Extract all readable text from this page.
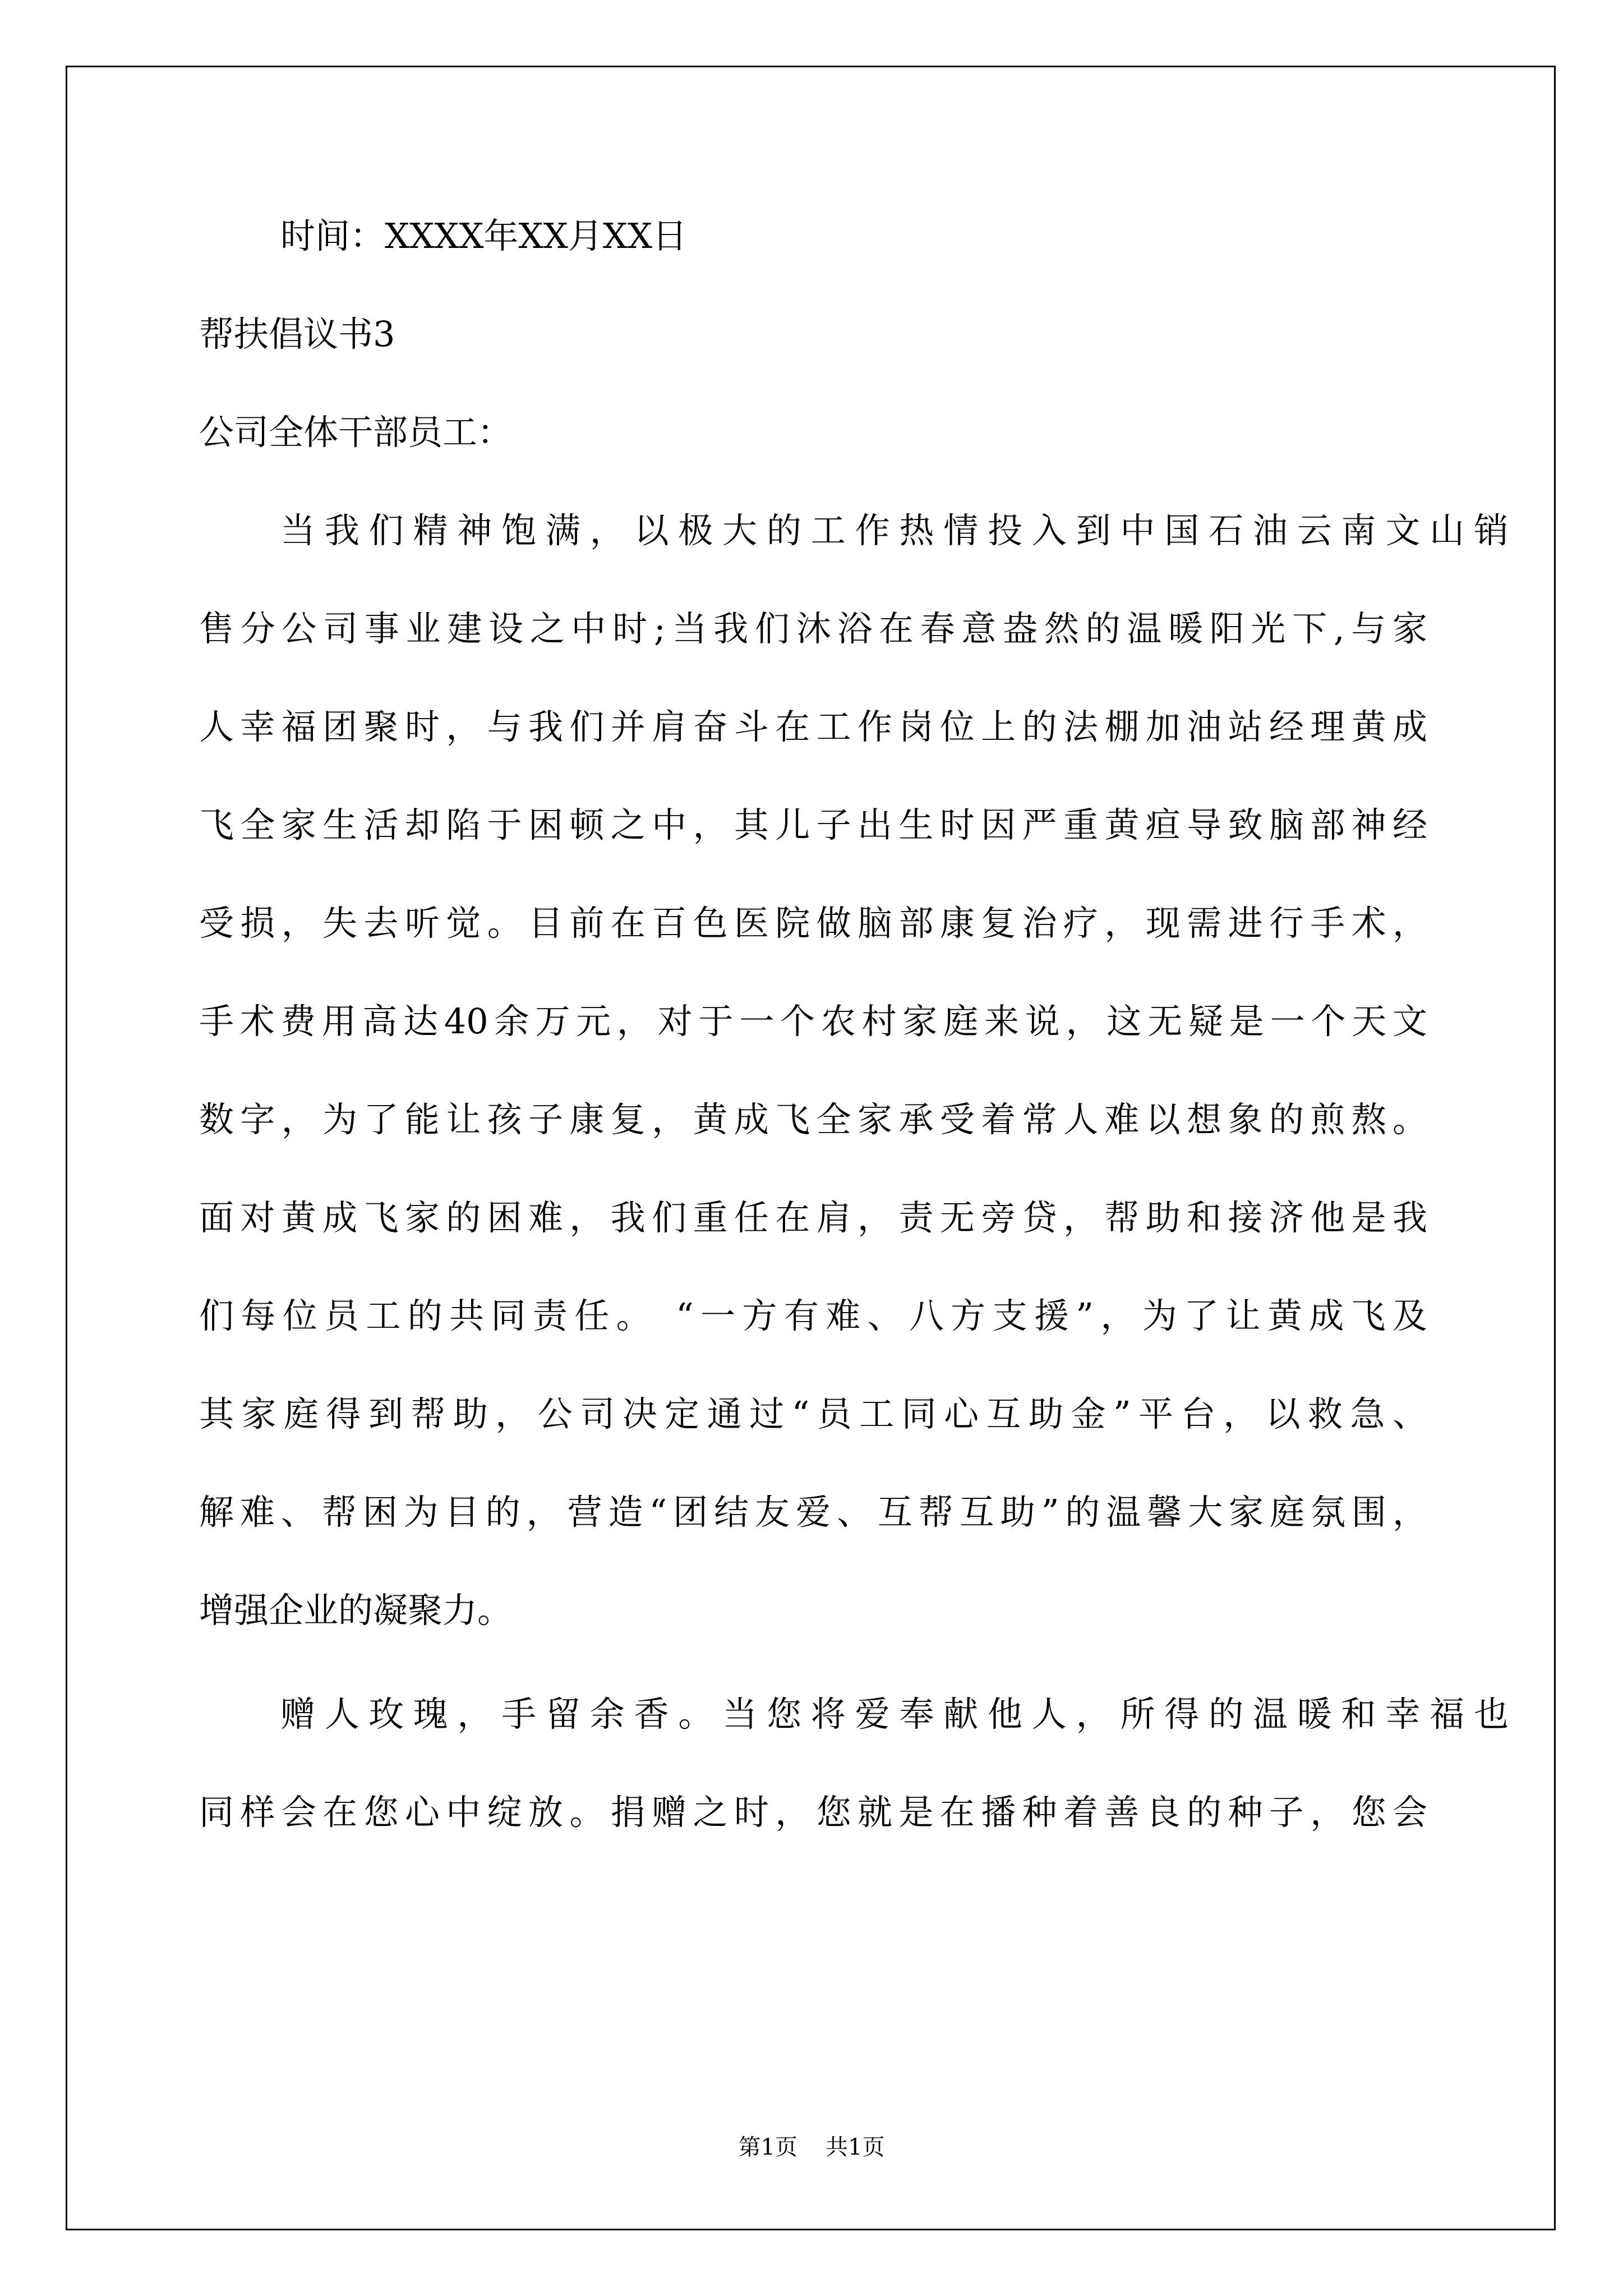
时间：XXXX年XX月XX日
帮扶倡议书3
公司全体干部员工：
当我们精神饱满，以极大的工作热情投入到中国石油云南文山销
售分公司事业建设之中时;当我们沐浴在春意盎然的温暖阳光下,与家
人幸福团聚时，与我们并肩奋斗在工作岗位上的法棚加油站经理黄成
飞全家生活却陷于困顿之中，其儿子出生时因严重黄疸导致脑部神经
受损，失去听觉。目前在百色医院做脑部康复治疗，现需进行手术，
手术费用高达40余万元，对于一个农村家庭来说，这无疑是一个天文
数字，为了能让孩子康复，黄成飞全家承受着常人难以想象的煎熬。
面对黄成飞家的困难，我们重任在肩，责无旁贷，帮助和接济他是我
们每位员工的共同责任。 “一方有难、八方支援”，为了让黄成飞及
其家庭得到帮助，公司决定通过“员工同心互助金”平台，以救急、
解难、帮困为目的，营造“团结友爱、互帮互助”的温馨大家庭氛围，
增强企业的凝聚力。
赠人玫瑰，手留余香。当您将爱奉献他人，所得的温暖和幸福也
同样会在您心中绽放。捐赠之时，您就是在播种着善良的种子，您会
第1页 共1页
